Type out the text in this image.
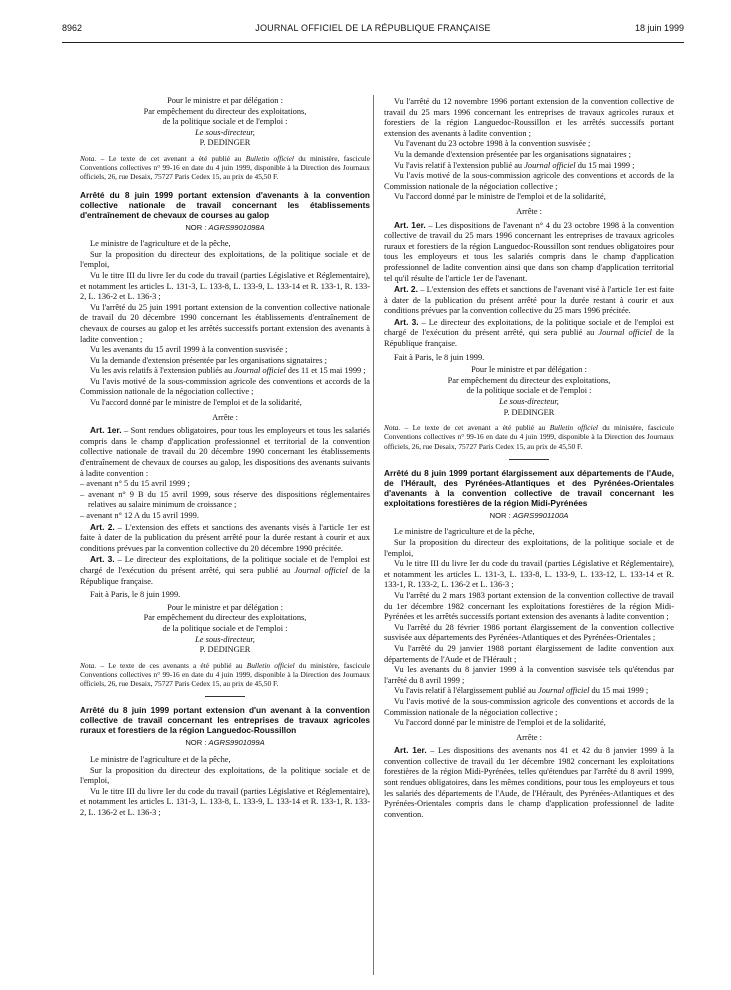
8962	JOURNAL OFFICIEL DE LA RÉPUBLIQUE FRANÇAISE	18 juin 1999
Pour le ministre et par délégation :
Par empêchement du directeur des exploitations,
de la politique sociale et de l'emploi :
Le sous-directeur,
P. DEDINGER
Nota. – Le texte de cet avenant a été publié au Bulletin officiel du ministère, fascicule Conventions collectives n° 99-16 en date du 4 juin 1999, disponible à la Direction des Journaux officiels, 26, rue Desaix, 75727 Paris Cedex 15, au prix de 45,50 F.
Arrêté du 8 juin 1999 portant extension d'avenants à la convention collective nationale de travail concernant les établissements d'entraînement de chevaux de courses au galop
NOR : AGRS9901098A

Le ministre de l'agriculture et de la pêche,

Sur la proposition du directeur des exploitations, de la politique sociale et de l'emploi,

Vu le titre III du livre Ier du code du travail (parties Législative et Réglementaire), et notamment les articles L. 131-3, L. 133-8, L. 133-9, L. 133-14 et R. 133-1, R. 133-2, L. 136-2 et L. 136-3 ;

Vu l'arrêté du 25 juin 1991 portant extension de la convention collective nationale de travail du 20 décembre 1990 concernant les établissements d'entraînement de chevaux de courses au galop et les arrêtés successifs portant extension des avenants à ladite convention ;

Vu les avenants du 15 avril 1999 à la convention susvisée ;

Vu la demande d'extension présentée par les organisations signataires ;

Vu les avis relatifs à l'extension publiés au Journal officiel des 11 et 15 mai 1999 ;

Vu l'avis motivé de la sous-commission agricole des conventions et accords de la Commission nationale de la négociation collective ;

Vu l'accord donné par le ministre de l'emploi et de la solidarité,

Arrête :

Art. 1er. – Sont rendues obligatoires, pour tous les employeurs et tous les salariés compris dans le champ d'application professionnel et territorial de la convention collective nationale de travail du 20 décembre 1990 concernant les établissements d'entraînement de chevaux de courses au galop, les dispositions des avenants suivants à ladite convention :

– avenant n° 5 du 15 avril 1999 ;
– avenant n° 9 B du 15 avril 1999, sous réserve des dispositions réglementaires relatives au salaire minimum de croissance ;
– avenant n° 12 A du 15 avril 1999.

Art. 2. – L'extension des effets et sanctions des avenants visés à l'article 1er est faite à dater de la publication du présent arrêté pour la durée restant à courir et aux conditions prévues par la convention collective du 20 décembre 1990 précitée.

Art. 3. – Le directeur des exploitations, de la politique sociale et de l'emploi est chargé de l'exécution du présent arrêté, qui sera publié au Journal officiel de la République française.

Fait à Paris, le 8 juin 1999.

Pour le ministre et par délégation :
Par empêchement du directeur des exploitations,
de la politique sociale et de l'emploi :
Le sous-directeur,
P. DEDINGER
Nota. – Le texte de ces avenants a été publié au Bulletin officiel du ministère, fascicule Conventions collectives n° 99-16 en date du 4 juin 1999, disponible à la Direction des Journaux officiels, 26, rue Desaix, 75727 Paris Cedex 15, au prix de 45,50 F.
Arrêté du 8 juin 1999 portant extension d'un avenant à la convention collective de travail concernant les entreprises de travaux agricoles ruraux et forestiers de la région Languedoc-Roussillon
NOR : AGRS9901099A

Le ministre de l'agriculture et de la pêche,

Sur la proposition du directeur des exploitations, de la politique sociale et de l'emploi,

Vu le titre III du livre Ier du code du travail (parties Législative et Réglementaire), et notamment les articles L. 131-3, L. 133-8, L. 133-9, L. 133-14 et R. 133-1, R. 133-2, L. 136-2 et L. 136-3 ;

Vu l'arrêté du 12 novembre 1996 portant extension de la convention collective de travail du 25 mars 1996 concernant les entreprises de travaux agricoles ruraux et forestiers de la région Languedoc-Roussillon et les arrêtés successifs portant extension des avenants à ladite convention ;

Vu l'avenant du 23 octobre 1998 à la convention susvisée ;

Vu la demande d'extension présentée par les organisations signataires ;

Vu l'avis relatif à l'extension publié au Journal officiel du 15 mai 1999 ;

Vu l'avis motivé de la sous-commission agricole des conventions et accords de la Commission nationale de la négociation collective ;

Vu l'accord donné par le ministre de l'emploi et de la solidarité,

Arrête :

Art. 1er. – Les dispositions de l'avenant n° 4 du 23 octobre 1998 à la convention collective de travail du 25 mars 1996 concernant les entreprises de travaux agricoles ruraux et forestiers de la région Languedoc-Roussillon sont rendues obligatoires pour tous les employeurs et tous les salariés compris dans le champ d'application professionnel de ladite convention ainsi que dans son champ d'application territorial tel qu'il résulte de l'article 1er de l'avenant.

Art. 2. – L'extension des effets et sanctions de l'avenant visé à l'article 1er est faite à dater de la publication du présent arrêté pour la durée restant à courir et aux conditions prévues par la convention collective du 25 mars 1996 précitée.

Art. 3. – Le directeur des exploitations, de la politique sociale et de l'emploi est chargé de l'exécution du présent arrêté, qui sera publié au Journal officiel de la République française.

Fait à Paris, le 8 juin 1999.

Pour le ministre et par délégation :
Par empêchement du directeur des exploitations,
de la politique sociale et de l'emploi :
Le sous-directeur,
P. DEDINGER
Nota. – Le texte de cet avenant a été publié au Bulletin officiel du ministère, fascicule Conventions collectives n° 99-16 en date du 4 juin 1999, disponible à la Direction des Journaux officiels, 26, rue Desaix, 75727 Paris Cedex 15, au prix de 45,50 F.
Arrêté du 8 juin 1999 portant élargissement aux départements de l'Aude, de l'Hérault, des Pyrénées-Atlantiques et des Pyrénées-Orientales d'avenants à la convention collective de travail concernant les exploitations forestières de la région Midi-Pyrénées
NOR : AGRS9901100A

Le ministre de l'agriculture et de la pêche,

Sur la proposition du directeur des exploitations, de la politique sociale et de l'emploi,

Vu le titre III du livre Ier du code du travail (parties Législative et Réglementaire), et notamment les articles L. 131-3, L. 133-8, L. 133-9, L. 133-12, L. 133-14 et R. 133-1, R. 133-2, L. 136-2 et L. 136-3 ;

Vu l'arrêté du 2 mars 1983 portant extension de la convention collective de travail du 1er décembre 1982 concernant les exploitations forestières de la région Midi-Pyrénées et les arrêtés successifs portant extension des avenants à ladite convention ;

Vu l'arrêté du 28 février 1986 portant élargissement de la convention collective susvisée aux départements des Pyrénées-Atlantiques et des Pyrénées-Orientales ;

Vu l'arrêté du 29 janvier 1988 portant élargissement de ladite convention aux départements de l'Aude et de l'Hérault ;

Vu les avenants du 8 janvier 1999 à la convention susvisée tels qu'étendus par l'arrêté du 8 avril 1999 ;

Vu l'avis relatif à l'élargissement publié au Journal officiel du 15 mai 1999 ;

Vu l'avis motivé de la sous-commission agricole des conventions et accords de la Commission nationale de la négociation collective ;

Vu l'accord donné par le ministre de l'emploi et de la solidarité,

Arrête :

Art. 1er. – Les dispositions des avenants nos 41 et 42 du 8 janvier 1999 à la convention collective de travail du 1er décembre 1982 concernant les exploitations forestières de la région Midi-Pyrénées, telles qu'étendues par l'arrêté du 8 avril 1999, sont rendues obligatoires, dans les mêmes conditions, pour tous les employeurs et tous les salariés des départements de l'Aude, de l'Hérault, des Pyrénées-Atlantiques et des Pyrénées-Orientales compris dans le champ d'application professionnel de ladite convention.
